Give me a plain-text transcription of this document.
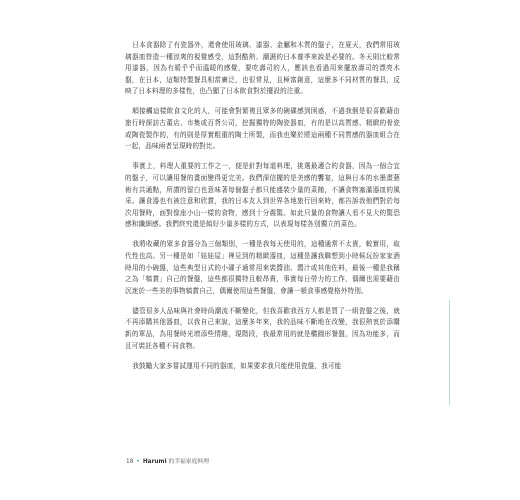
日本食器除了有瓷器外，還會使用玻璃、漆器、金屬和木質的盤子，在夏天，我們常用玻璃器皿營造一種涼爽的視覺感受，這對酷熱、潮濕的日本養季來說是必要的。冬天則比較常用漆器，因為有暖乎乎而溫暖的感覺，要吃壽司的人，應該也看過用來擺放壽司的漂亮木盤，在日本，這類特製餐具相當廣泛，也很常見，且極富創意，這麼多不同材質的餐具，反映了日本料理的多樣性，也凸顯了日本飲食對於擺設的注重。

順接觸這樣飲食文化的人，可能會對繁複且眾多的碗碟感到困惑，不過我倒是很喜歡藉由旅行時探訪古董店、市集或百貨公司，挖掘獨特的陶瓷器皿，有的是以高質感、精緻的骨瓷或陶瓷製作的，有的則是厚實粗重的陶土所製，而我也樂於將這兩種不同質感的器皿組合在一起，品味兩者呈現時的對比。

事實上，料理人重要的工作之一，便是針對每道料理，挑選最適合的食器，因為一個合宜的盤子，可以讓用餐的畫面變得更完美。我們深信擺的是美感的饗宴，這與日本的水墨畫藝術有共通點，所謂的留白也意味著每個盤子都只能盛裝少量的菜餚，不讓食物塞滿器皿的風采。讓食器也有被注意和欣賞，我的日本友人到世界各地旅行回來時，都告訴我他們對於每次用餐時，面對像座小山一樣的食物，感到十分震驚。如此只量的食物讓人看不見大的驚恐感和纖細感。我們終究還是傾好少量多樣的方式，以表現每樣各別獨立的菜色。

我將收藏的眾多食器分為三個類別，一種是我每天使用的，這種通常不太貴，較實用，取代性也高。另一種是如「娃娃屋」裡見到的精緻器皿，這種是讓我聯想到小時候玩扮家家酒時用的小碗盤，這些典型日式的小碟子通常用來裝醬油、醬汁或其他佐料，最後一種是我稱之為「犒賞」自己的餐盤，這些都很獨特且較昂貴，事實每日勞力的工作，偶爾也需要藉由沉迷於一些美的事物犒賞自己，偶爾使用這些餐盤，會讓一頓食事感覺格外特別。

儘管很多人品味與社會時尚潮流不斷變化，但我喜歡我西方人都是買了一組瓷盤之後，就不再添購其他器皿，以我自己來說，這麼多年來，我的品味不斷地在改變，我很熱衷於添購新的單品，為用餐時光增添些情趣，現階段，我最常用的就是橢圓形餐盤，因為功能多，而且可裝託各種不同食物。

我鼓勵大家多嘗試運用不同的器皿，如果要求我只能使用瓷盤，我可能

18 • Harumi 的幸福家庭料理
